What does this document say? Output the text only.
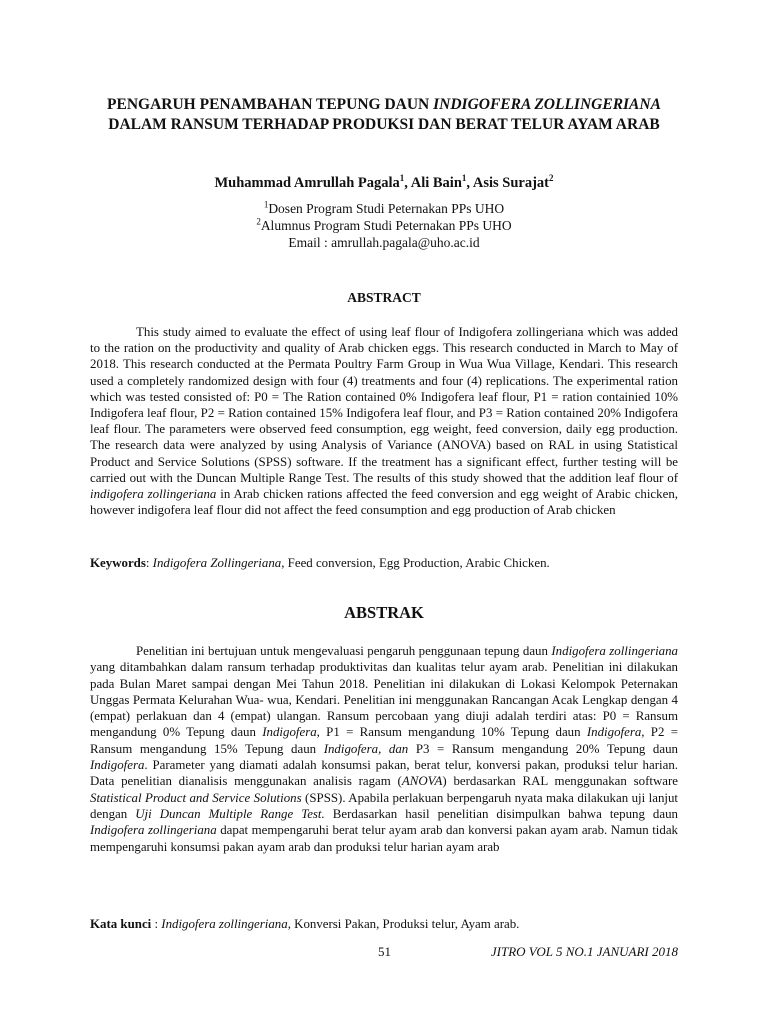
PENGARUH PENAMBAHAN TEPUNG DAUN INDIGOFERA ZOLLINGERIANA DALAM RANSUM TERHADAP PRODUKSI DAN BERAT TELUR AYAM ARAB
Muhammad Amrullah Pagala$^1$, Ali Bain$^1$, Asis Surajat$^2$
$^1$Dosen Program Studi Peternakan PPs UHO
$^2$Alumnus Program Studi Peternakan PPs UHO
Email : amrullah.pagala@uho.ac.id
ABSTRACT

This study aimed to evaluate the effect of using leaf flour of Indigofera zollingeriana which was added to the ration on the productivity and quality of Arab chicken eggs. This research conducted in March to May of 2018. This research conducted at the Permata Poultry Farm Group in Wua Wua Village, Kendari. This research used a completely randomized design with four (4) treatments and four (4) replications. The experimental ration which was tested consisted of: P0 = The Ration contained 0% Indigofera leaf flour, P1 = ration containied 10% Indigofera leaf flour, P2 = Ration contained 15% Indigofera leaf flour, and P3 = Ration contained 20% Indigofera leaf flour. The parameters were observed feed consumption, egg weight, feed conversion, daily egg production. The research data were analyzed by using Analysis of Variance (ANOVA) based on RAL in using Statistical Product and Service Solutions (SPSS) software. If the treatment has a significant effect, further testing will be carried out with the Duncan Multiple Range Test. The results of this study showed that the addition leaf flour of indigofera zollingeriana in Arab chicken rations affected the feed conversion and egg weight of Arabic chicken, however indigofera leaf flour did not affect the feed consumption and egg production of Arab chicken

Keywords: Indigofera Zollingeriana, Feed conversion, Egg Production, Arabic Chicken.
ABSTRAK

Penelitian ini bertujuan untuk mengevaluasi pengaruh penggunaan tepung daun Indigofera zollingeriana yang ditambahkan dalam ransum terhadap produktivitas dan kualitas telur ayam arab. Penelitian ini dilakukan pada Bulan Maret sampai dengan Mei Tahun 2018. Penelitian ini dilakukan di Lokasi Kelompok Peternakan Unggas Permata Kelurahan Wua- wua, Kendari. Penelitian ini menggunakan Rancangan Acak Lengkap dengan 4 (empat) perlakuan dan 4 (empat) ulangan. Ransum percobaan yang diuji adalah terdiri atas: P0 = Ransum mengandung 0% Tepung daun Indigofera, P1 = Ransum mengandung 10% Tepung daun Indigofera, P2 = Ransum mengandung 15% Tepung daun Indigofera, dan P3 = Ransum mengandung 20% Tepung daun Indigofera. Parameter yang diamati adalah konsumsi pakan, berat telur, konversi pakan, produksi telur harian. Data penelitian dianalisis menggunakan analisis ragam (ANOVA) berdasarkan RAL menggunakan software Statistical Product and Service Solutions (SPSS). Apabila perlakuan berpengaruh nyata maka dilakukan uji lanjut dengan Uji Duncan Multiple Range Test. Berdasarkan hasil penelitian disimpulkan bahwa tepung daun Indigofera zollingeriana dapat mempengaruhi berat telur ayam arab dan konversi pakan ayam arab. Namun tidak mempengaruhi konsumsi pakan ayam arab dan produksi telur harian ayam arab

Kata kunci : Indigofera zollingeriana, Konversi Pakan, Produksi telur, Ayam arab.
51	JITRO VOL 5 NO.1 JANUARI 2018
